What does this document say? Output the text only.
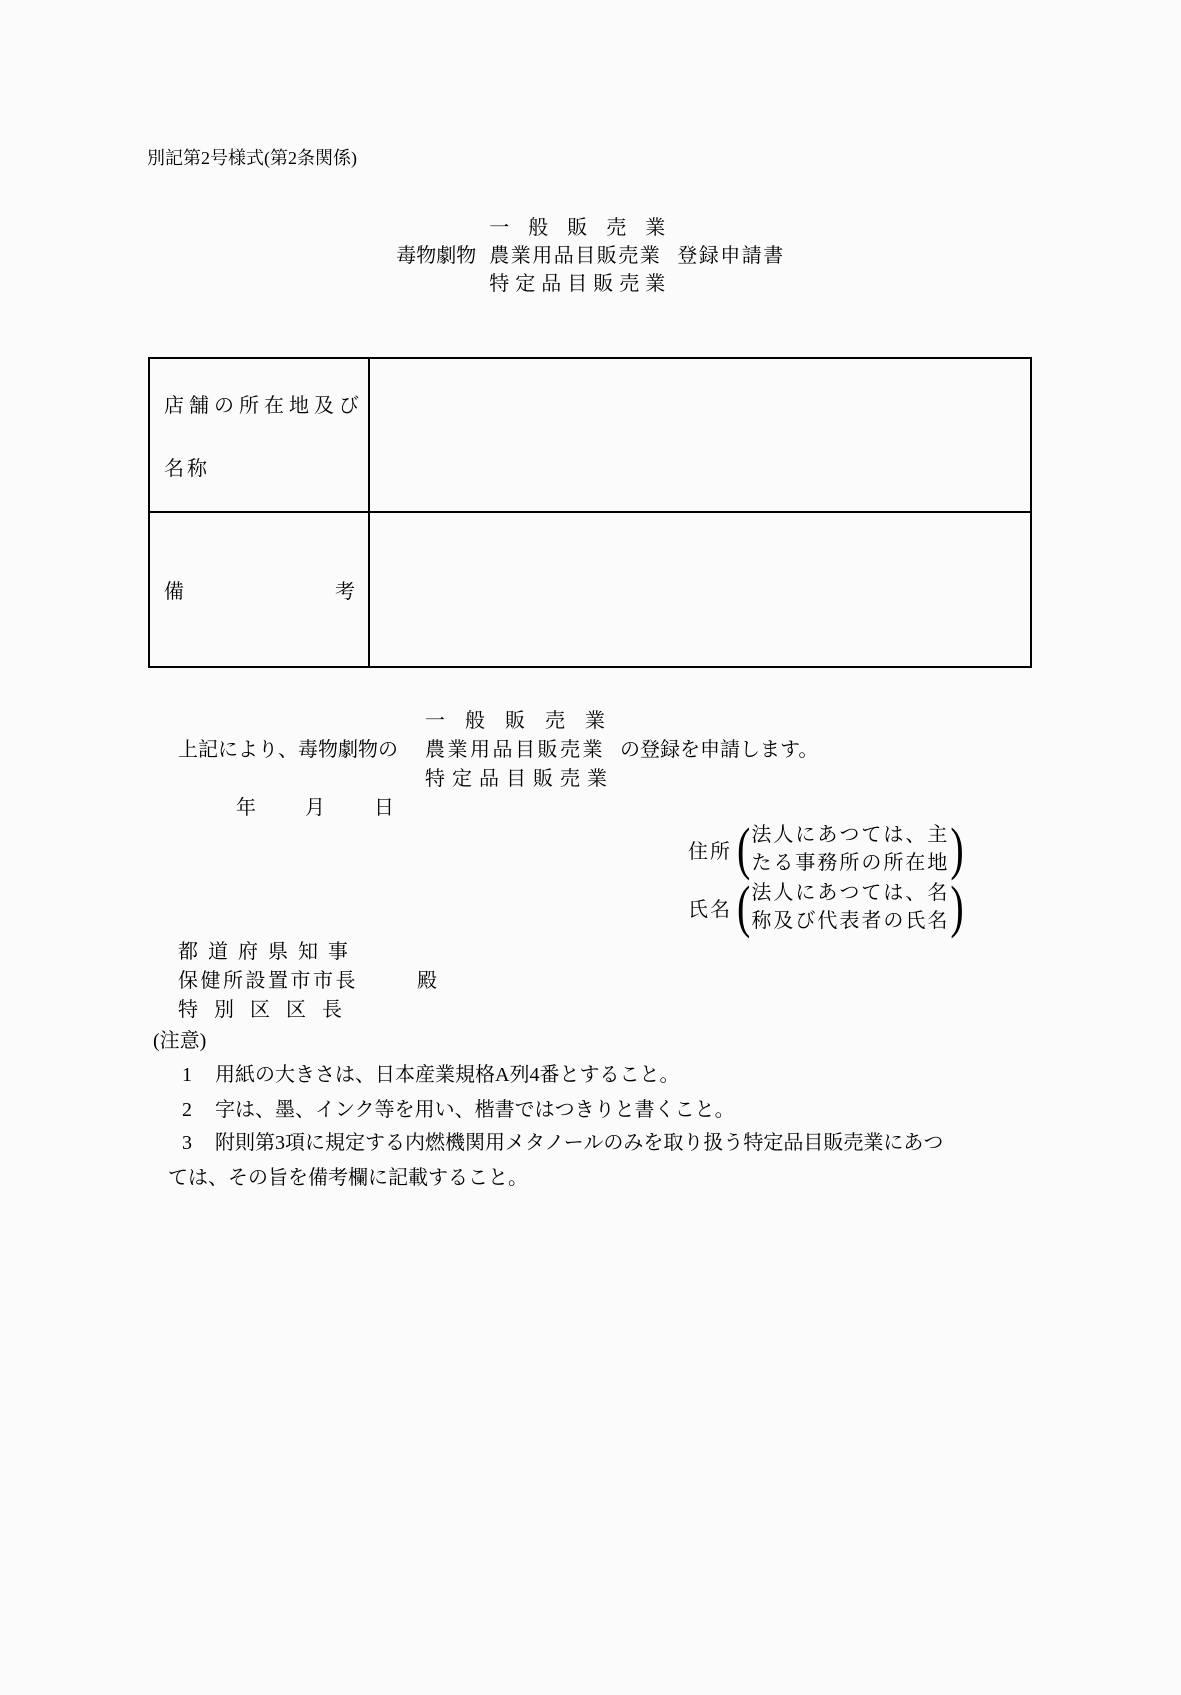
別記第2号様式(第2条関係)
毒物劇物
一般販売業
農業用品目販売業
特定品目販売業
登録申請書
店舗の所在地及び
名称
備	考
上記により、毒物劇物の
一般販売業
農業用品目販売業
特定品目販売業
の登録を申請します。
年 月 日
住所 ( 法人にあつては、主
たる事務所の所在地 )
氏名 ( 法人にあつては、名
称及び代表者の氏名 )
都道府県知事
保健所設置市市長
特別区区長
殿
(注意)
1 用紙の大きさは、日本産業規格A列4番とすること。
2 字は、墨、インク等を用い、楷書ではつきりと書くこと。
3 附則第3項に規定する内燃機関用メタノールのみを取り扱う特定品目販売業にあつ
ては、その旨を備考欄に記載すること。
